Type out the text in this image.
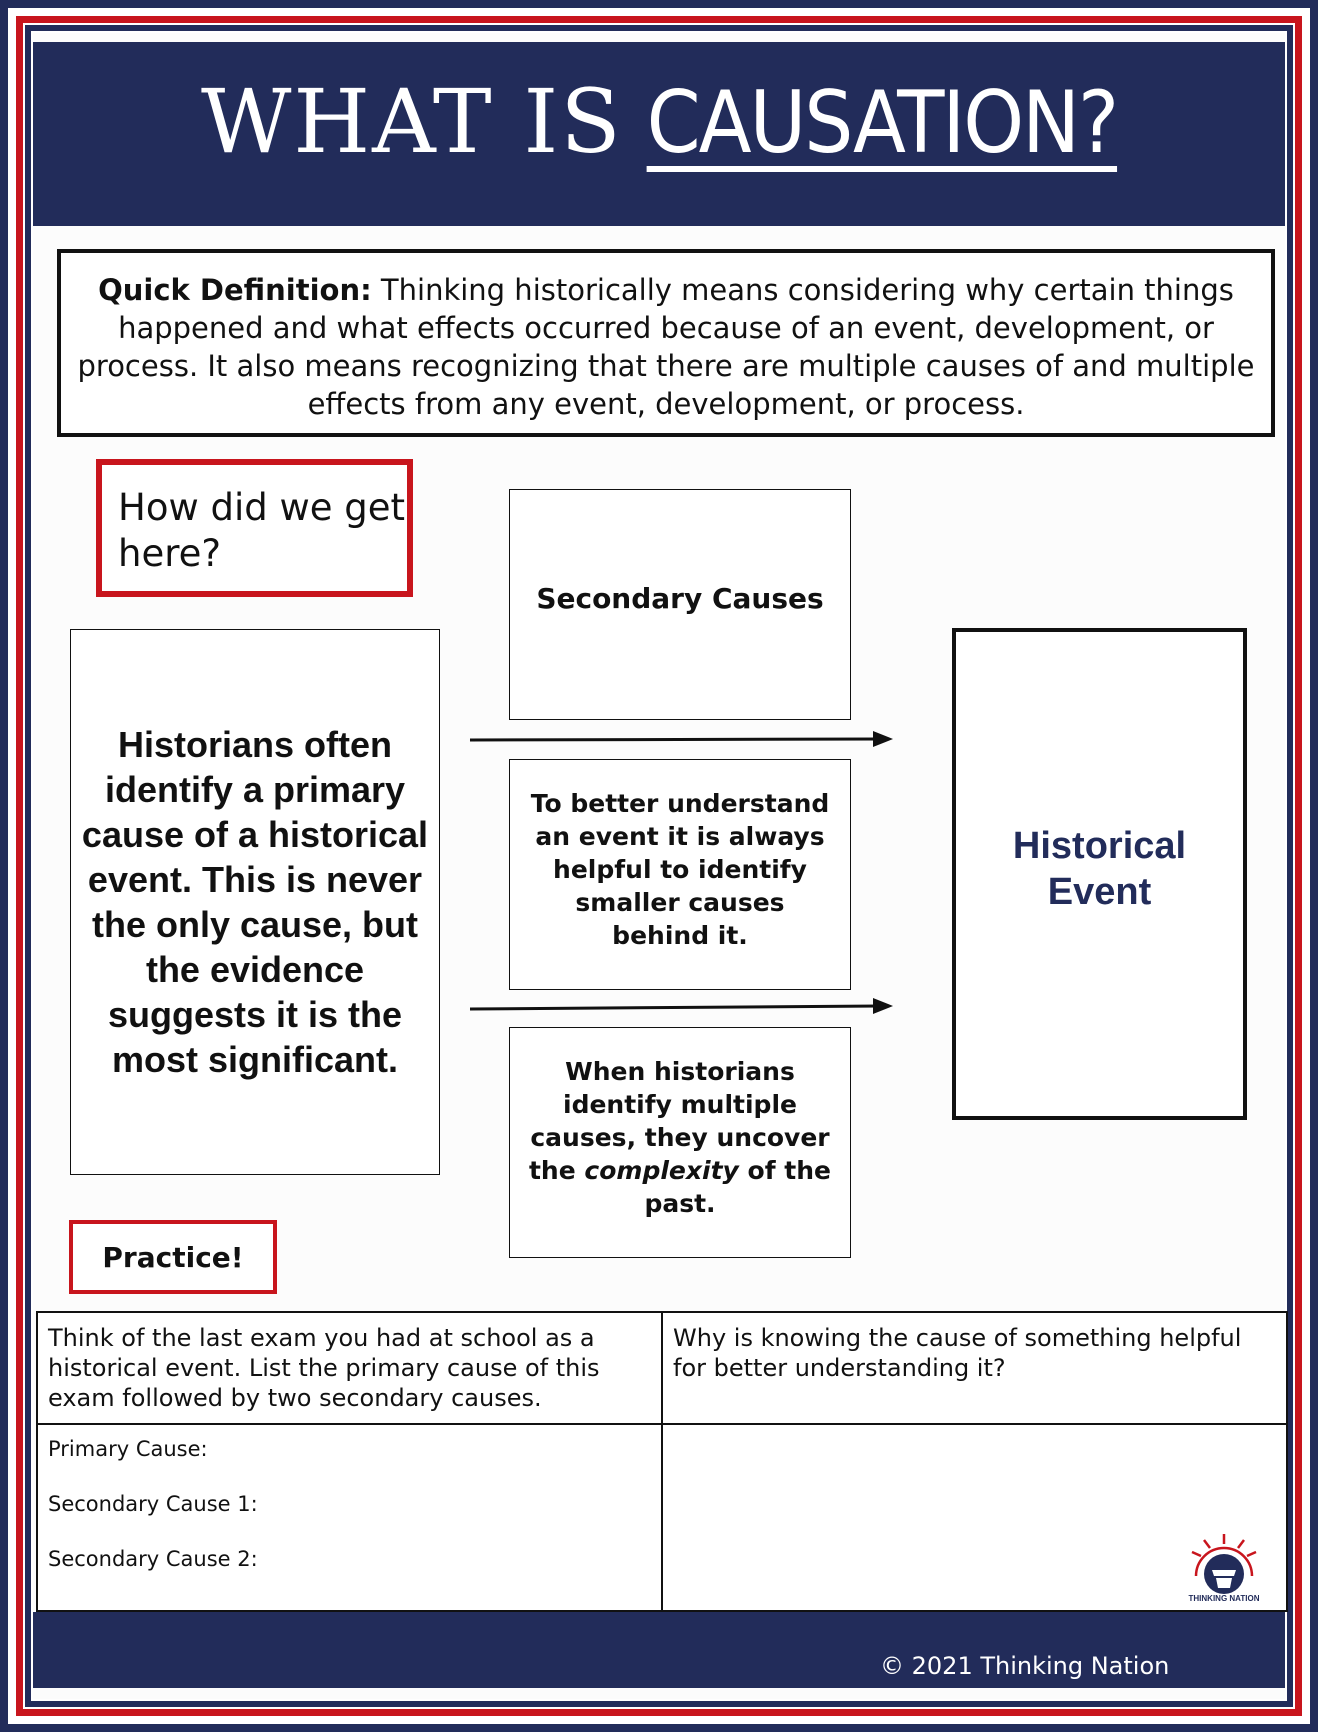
WHAT IS CAUSATION?
Quick Definition: Thinking historically means considering why certain things happened and what effects occurred because of an event, development, or process. It also means recognizing that there are multiple causes of and multiple effects from any event, development, or process.
How did we get here?
Historians often identify a primary cause of a historical event. This is never the only cause, but the evidence suggests it is the most significant.
Secondary Causes
To better understand an event it is always helpful to identify smaller causes behind it.
When historians identify multiple causes, they uncover the complexity of the past.
Historical Event
Practice!
Think of the last exam you had at school as a historical event. List the primary cause of this exam followed by two secondary causes.	Why is knowing the cause of something helpful for better understanding it?

Primary Cause:
Secondary Cause 1:
Secondary Cause 2:	

THINKING NATION
© 2021 Thinking Nation
